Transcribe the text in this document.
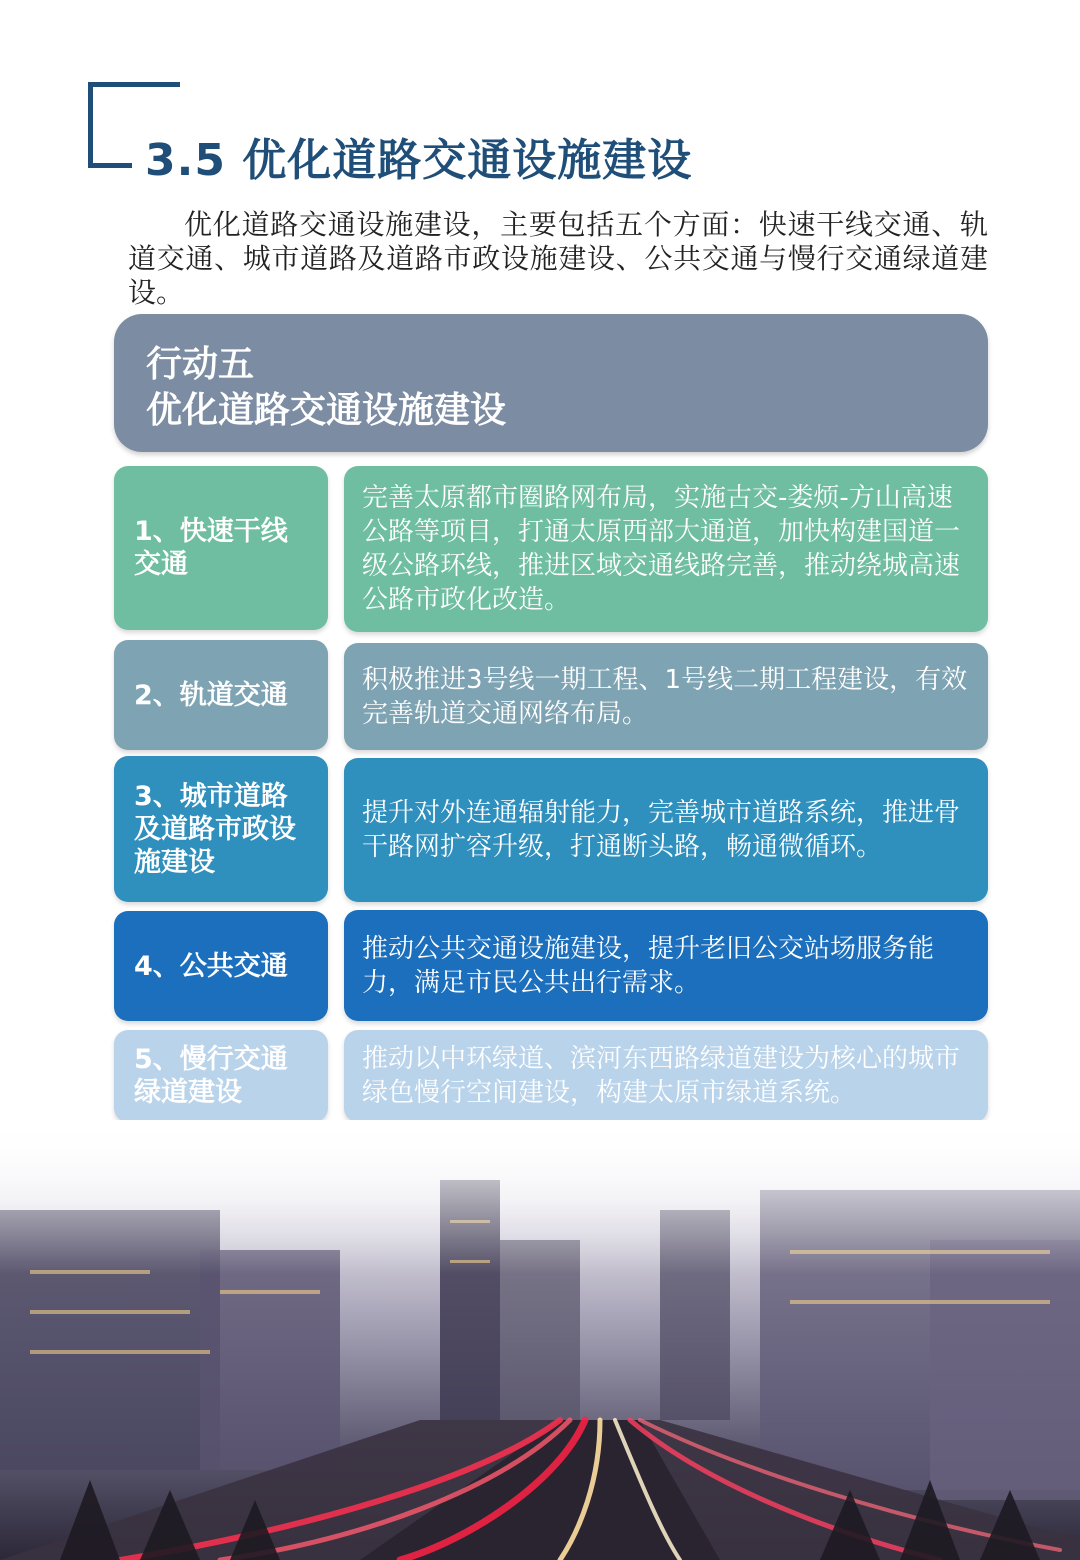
3.5 优化道路交通设施建设
优化道路交通设施建设，主要包括五个方面：快速干线交通、轨道交通、城市道路及道路市政设施建设、公共交通与慢行交通绿道建设。
行动五
优化道路交通设施建设
1、快速干线交通
完善太原都市圈路网布局，实施古交-娄烦-方山高速公路等项目，打通太原西部大通道，加快构建国道一级公路环线，推进区域交通线路完善，推动绕城高速公路市政化改造。
2、轨道交通	积极推进3号线一期工程、1号线二期工程建设，有效完善轨道交通网络布局。
3、城市道路及道路市政设施建设
提升对外连通辐射能力，完善城市道路系统，推进骨干路网扩容升级，打通断头路，畅通微循环。
4、公共交通
推动公共交通设施建设，提升老旧公交站场服务能力，满足市民公共出行需求。
5、慢行交通绿道建设
推动以中环绿道、滨河东西路绿道建设为核心的城市绿色慢行空间建设，构建太原市绿道系统。
